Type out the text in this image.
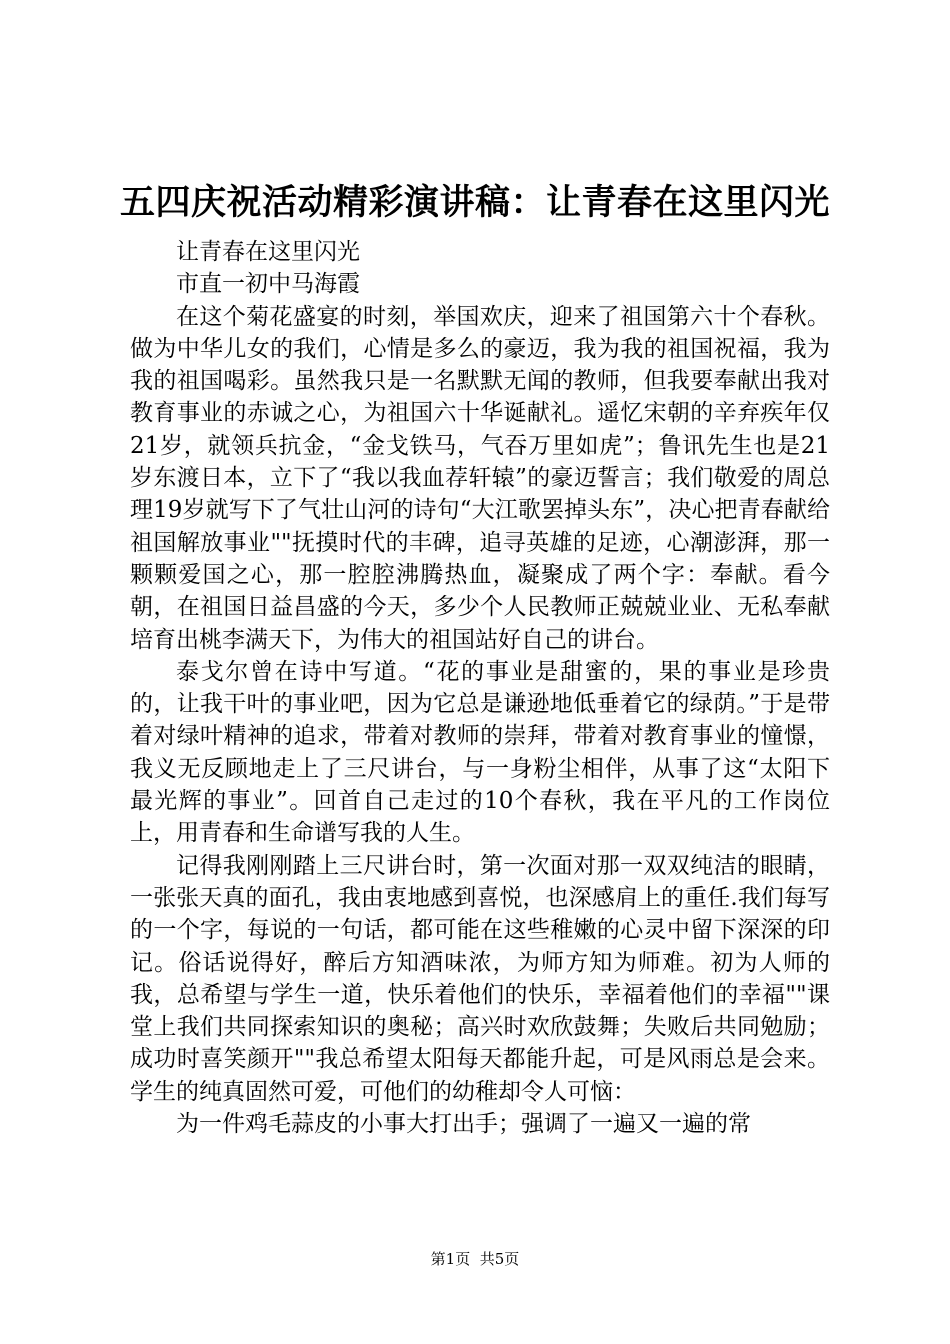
五四庆祝活动精彩演讲稿：让青春在这里闪光

让青春在这里闪光

市直一初中马海霞

在这个菊花盛宴的时刻，举国欢庆，迎来了祖国第六十个春秋。做为中华儿女的我们，心情是多么的豪迈，我为我的祖国祝福，我为我的祖国喝彩。虽然我只是一名默默无闻的教师，但我要奉献出我对教育事业的赤诚之心，为祖国六十华诞献礼。遥忆宋朝的辛弃疾年仅21岁，就领兵抗金，“金戈铁马，气吞万里如虎”；鲁讯先生也是21岁东渡日本，立下了“我以我血荐轩辕”的豪迈誓言；我们敬爱的周总理19岁就写下了气壮山河的诗句“大江歌罢掉头东”，决心把青春献给祖国解放事业""抚摸时代的丰碑，追寻英雄的足迹，心潮澎湃，那一颗颗爱国之心，那一腔腔沸腾热血，凝聚成了两个字：奉献。看今朝，在祖国日益昌盛的今天，多少个人民教师正兢兢业业、无私奉献培育出桃李满天下，为伟大的祖国站好自己的讲台。

泰戈尔曾在诗中写道。“花的事业是甜蜜的，果的事业是珍贵的，让我干叶的事业吧，因为它总是谦逊地低垂着它的绿荫。”于是带着对绿叶精神的追求，带着对教师的崇拜，带着对教育事业的憧憬，我义无反顾地走上了三尺讲台，与一身粉尘相伴，从事了这“太阳下最光辉的事业”。回首自己走过的10个春秋，我在平凡的工作岗位上，用青春和生命谱写我的人生。

记得我刚刚踏上三尺讲台时，第一次面对那一双双纯洁的眼睛，一张张天真的面孔，我由衷地感到喜悦，也深感肩上的重任.我们每写的一个字，每说的一句话，都可能在这些稚嫩的心灵中留下深深的印记。俗话说得好，醉后方知酒味浓，为师方知为师难。初为人师的我，总希望与学生一道，快乐着他们的快乐，幸福着他们的幸福""课堂上我们共同探索知识的奥秘；高兴时欢欣鼓舞；失败后共同勉励；成功时喜笑颜开""我总希望太阳每天都能升起，可是风雨总是会来。学生的纯真固然可爱，可他们的幼稚却令人可恼：

为一件鸡毛蒜皮的小事大打出手；强调了一遍又一遍的常

第1页 共5页
